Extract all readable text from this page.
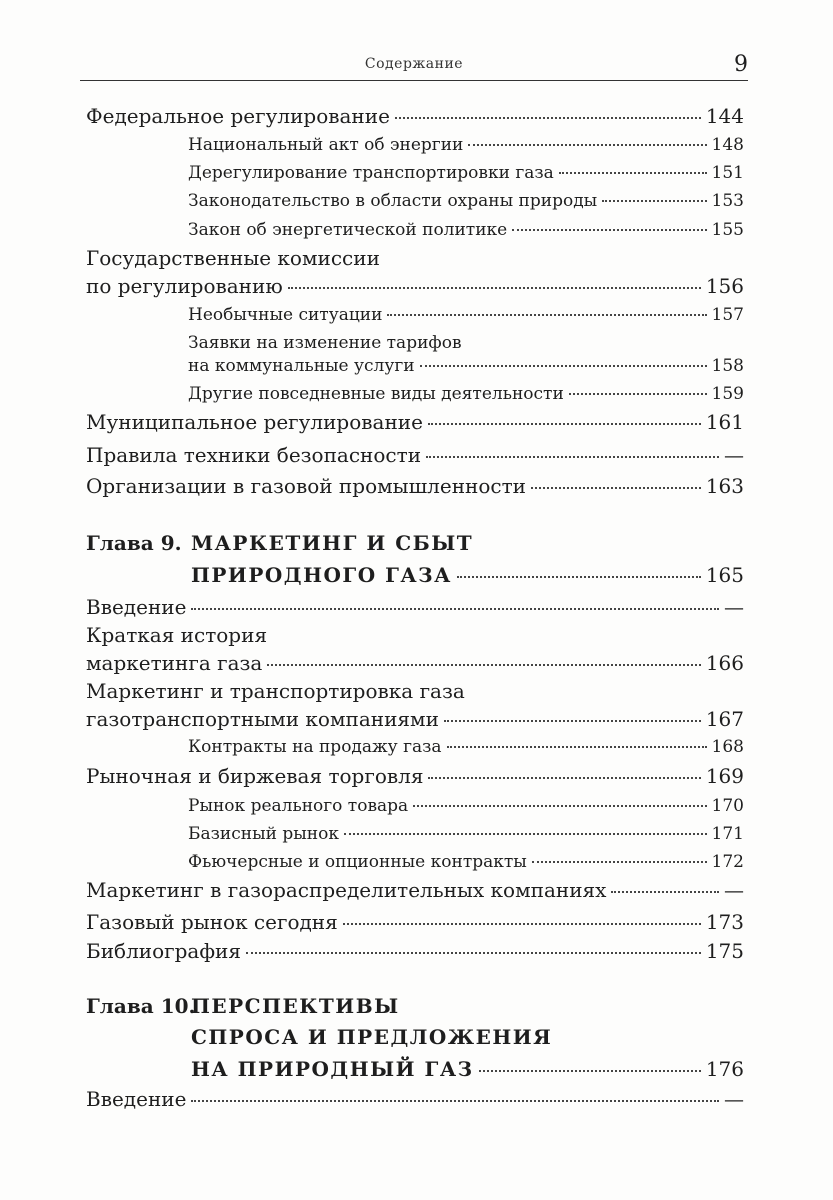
Содержание	9
Федеральное регулирование	144
Национальный акт об энергии	148
Дерегулирование транспортировки газа	151
Законодательство в области охраны природы	153
Закон об энергетической политике	155
Государственные комиссии
по регулированию	156
Необычные ситуации	157
Заявки на изменение тарифов
на коммунальные услуги	158
Другие повседневные виды деятельности	159
Муниципальное регулирование	161
Правила техники безопасности	—
Организации в газовой промышленности	163
Глава 9. МАРКЕТИНГ И СБЫТ
ПРИРОДНОГО ГАЗА	165
Введение	—
Краткая история
маркетинга газа	166
Маркетинг и транспортировка газа
газотранспортными компаниями	167
Контракты на продажу газа	168
Рыночная и биржевая торговля	169
Рынок реального товара	170
Базисный рынок	171
Фьючерсные и опционные контракты	172
Маркетинг в газораспределительных компаниях	—
Газовый рынок сегодня	173
Библиография	175
Глава 10.
ПЕРСПЕКТИВЫ
СПРОСА И ПРЕДЛОЖЕНИЯ
НА ПРИРОДНЫЙ ГАЗ	176
Введение	—
